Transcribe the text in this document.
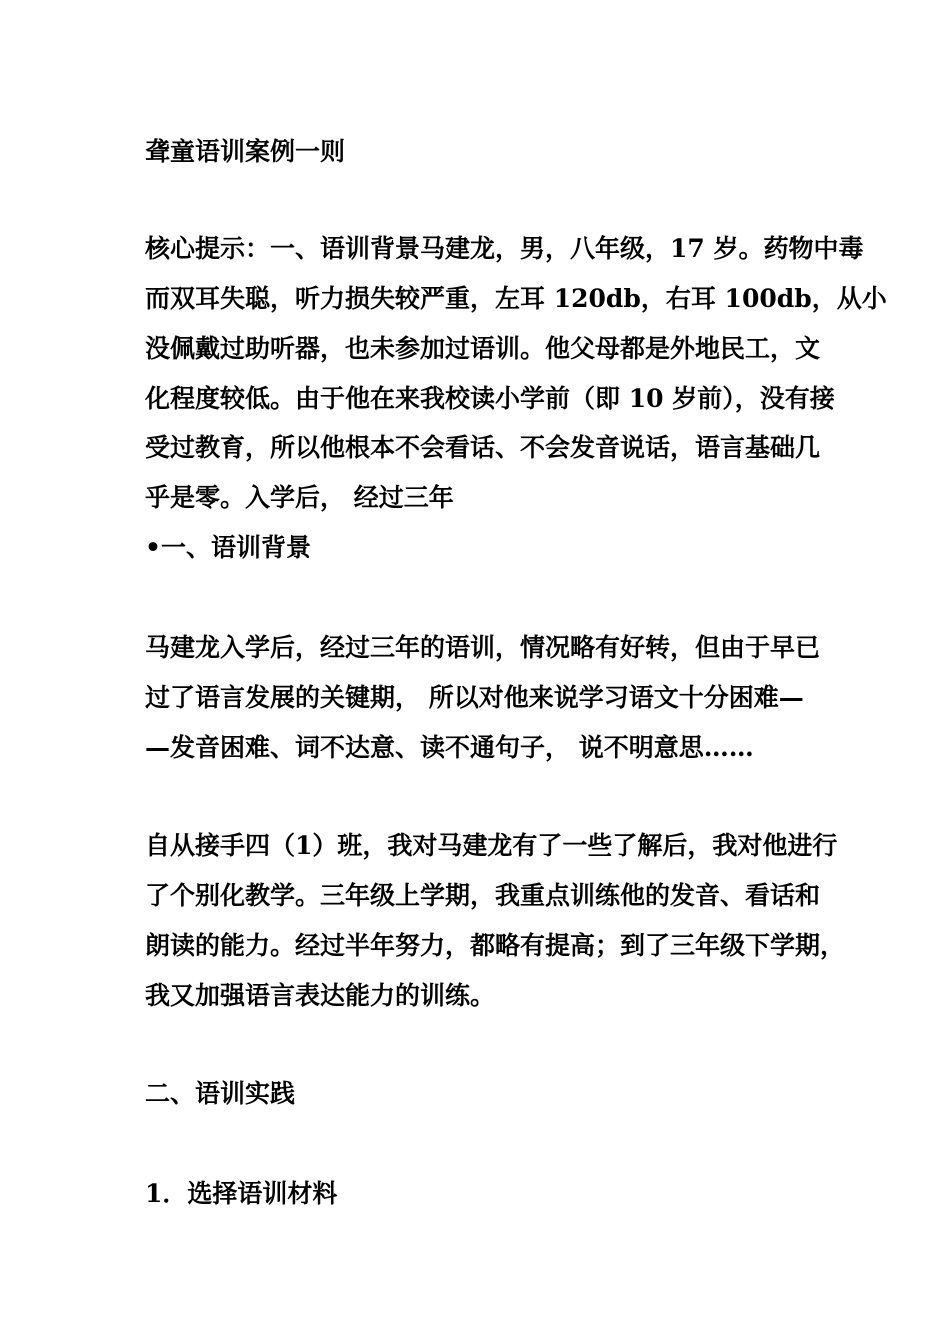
聋童语训案例一则
核心提示：一、语训背景马建龙，男，八年级，17 岁。药物中毒
而双耳失聪，听力损失较严重，左耳 120db，右耳 100db，从小
没佩戴过助听器，也未参加过语训。他父母都是外地民工，文
化程度较低。由于他在来我校读小学前（即 10 岁前），没有接
受过教育，所以他根本不会看话、不会发音说话，语言基础几
乎是零。入学后， 经过三年
•一、语训背景
马建龙入学后，经过三年的语训，情况略有好转，但由于早已
过了语言发展的关键期， 所以对他来说学习语文十分困难—
—发音困难、词不达意、读不通句子， 说不明意思……
自从接手四（1）班，我对马建龙有了一些了解后，我对他进行
了个别化教学。三年级上学期，我重点训练他的发音、看话和
朗读的能力。经过半年努力，都略有提高；到了三年级下学期，
我又加强语言表达能力的训练。
二、语训实践
1．选择语训材料
